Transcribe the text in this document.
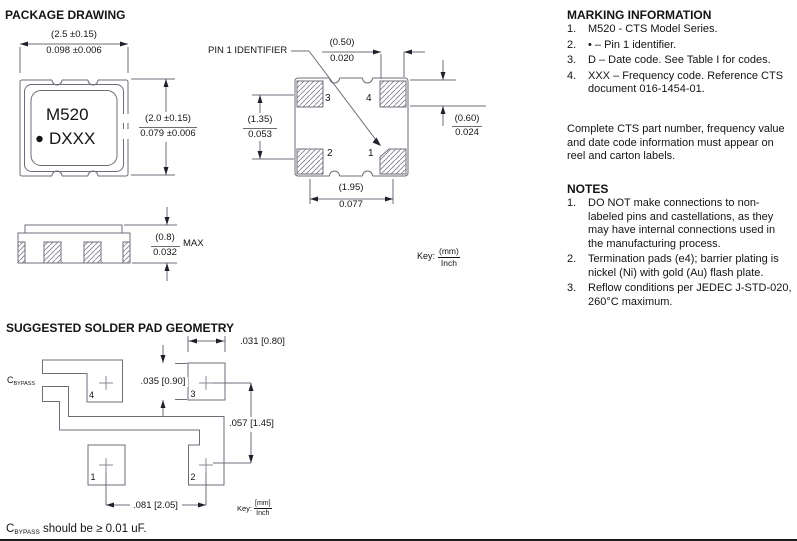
PACKAGE DRAWING
(2.5 ±0.15)
0.098 ±0.006
M520
DXXX
(2.0 ±0.15)
0.079 ±0.006
(0.8)
0.032
MAX
PIN 1 IDENTIFIER
(0.50)
0.020
(0.60)
0.024
(1.35)
0.053
(1.95)
0.077
3	4
2	1
Key: $\frac{(mm)}{\text{Inch}}$
SUGGESTED SOLDER PAD GEOMETRY
$C_{BYPASS}$
4	3
1	2
.031 [0.80]
.035 [0.90]
.057 [1.45]
.081 [2.05]	Key: $\frac{[mm]}{\text{Inch}}$
$C_{BYPASS}$ should be ≥ 0.01 uF.
MARKING INFORMATION
1. M520 - CTS Model Series.
2. • – Pin 1 identifier.
3. D – Date code. See Table I for codes.
4. XXX – Frequency code. Reference CTS document 016-1454-01.
Complete CTS part number, frequency value and date code information must appear on reel and carton labels.
NOTES
1. DO NOT make connections to non-labeled pins and castellations, as they may have internal connections used in the manufacturing process.
2. Termination pads (e4); barrier plating is nickel (Ni) with gold (Au) flash plate.
3. Reflow conditions per JEDEC J-STD-020, 260°C maximum.
